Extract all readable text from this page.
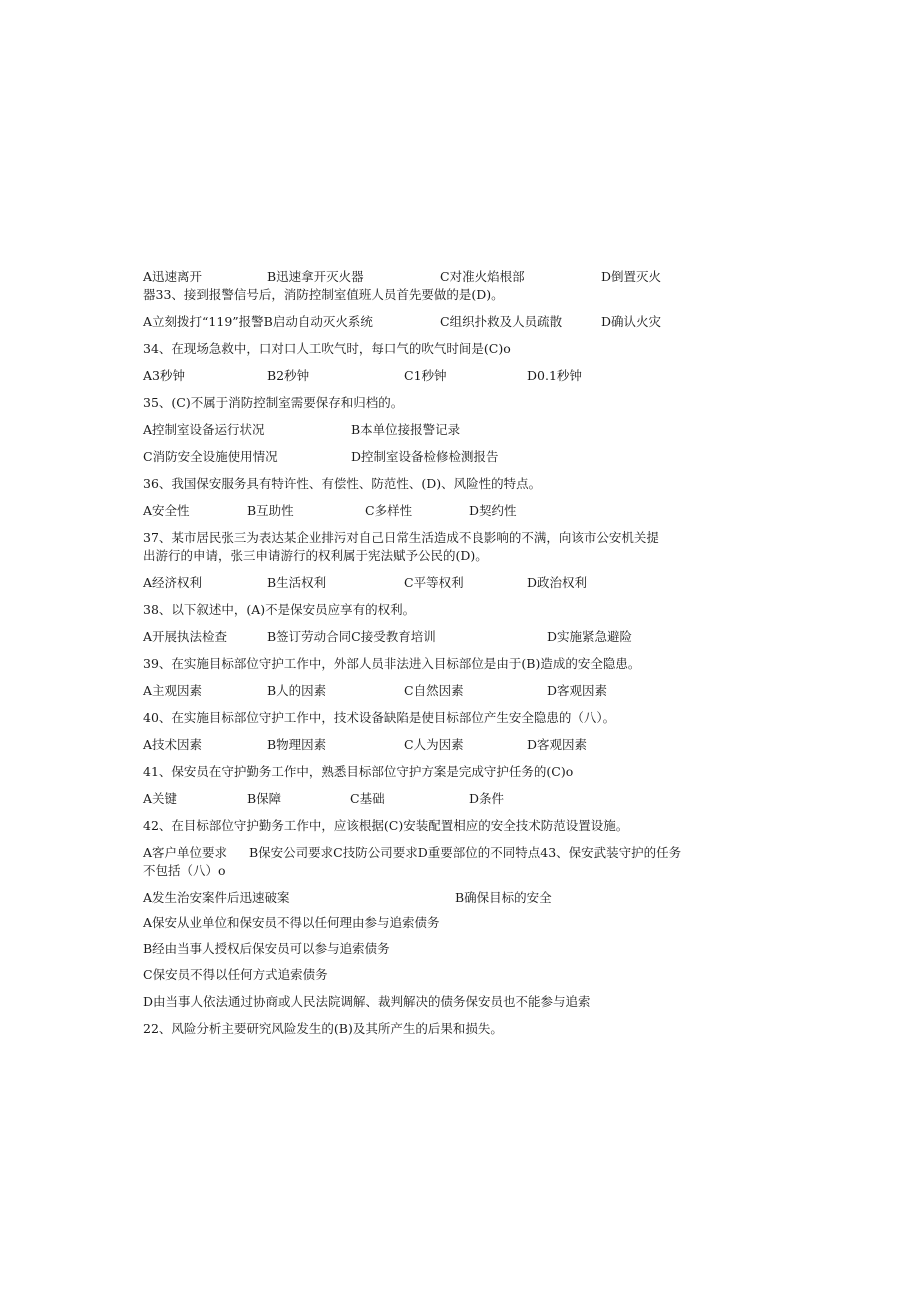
A迅速离开	B迅速拿开灭火器	C对准火焰根部	D倒置灭火

器33、接到报警信号后，消防控制室值班人员首先要做的是(D)。

A立刻拨打“119”报警B启动自动灭火系统	C组织扑救及人员疏散	D确认火灾

34、在现场急救中，口对口人工吹气时，每口气的吹气时间是(C)o

A3秒钟	B2秒钟	C1秒钟	D0.1秒钟

35、(C)不属于消防控制室需要保存和归档的。

A控制室设备运行状况	B本单位接报警记录
C消防安全设施使用情况	D控制室设备检修检测报告

36、我国保安服务具有特许性、有偿性、防范性、(D)、风险性的特点。

A安全性	B互助性	C多样性	D契约性

37、某市居民张三为表达某企业排污对自己日常生活造成不良影响的不满，向该市公安机关提

出游行的申请，张三申请游行的权利属于宪法赋予公民的(D)。

A经济权利	B生活权利	C平等权利	D政治权利

38、以下叙述中，(A)不是保安员应享有的权利。

A开展执法检查	B签订劳动合同C接受教育培训	D实施紧急避险

39、在实施目标部位守护工作中，外部人员非法进入目标部位是由于(B)造成的安全隐患。

A主观因素	B人的因素	C自然因素	D客观因素

40、在实施目标部位守护工作中，技术设备缺陷是使目标部位产生安全隐患的（八）。

A技术因素	B物理因素	C人为因素	D客观因素

41、保安员在守护勤务工作中，熟悉目标部位守护方案是完成守护任务的(C)o

A关键	B保障	C基础	D条件

42、在目标部位守护勤务工作中，应该根据(C)安装配置相应的安全技术防范设置设施。

A客户单位要求 B保安公司要求C技防公司要求D重要部位的不同特点43、保安武装守护的任务

不包括（八）o

A发生治安案件后迅速破案	B确保目标的安全

A保安从业单位和保安员不得以任何理由参与追索债务

B经由当事人授权后保安员可以参与追索债务

C保安员不得以任何方式追索债务

D由当事人依法通过协商或人民法院调解、裁判解决的债务保安员也不能参与追索

22、风险分析主要研究风险发生的(B)及其所产生的后果和损失。
